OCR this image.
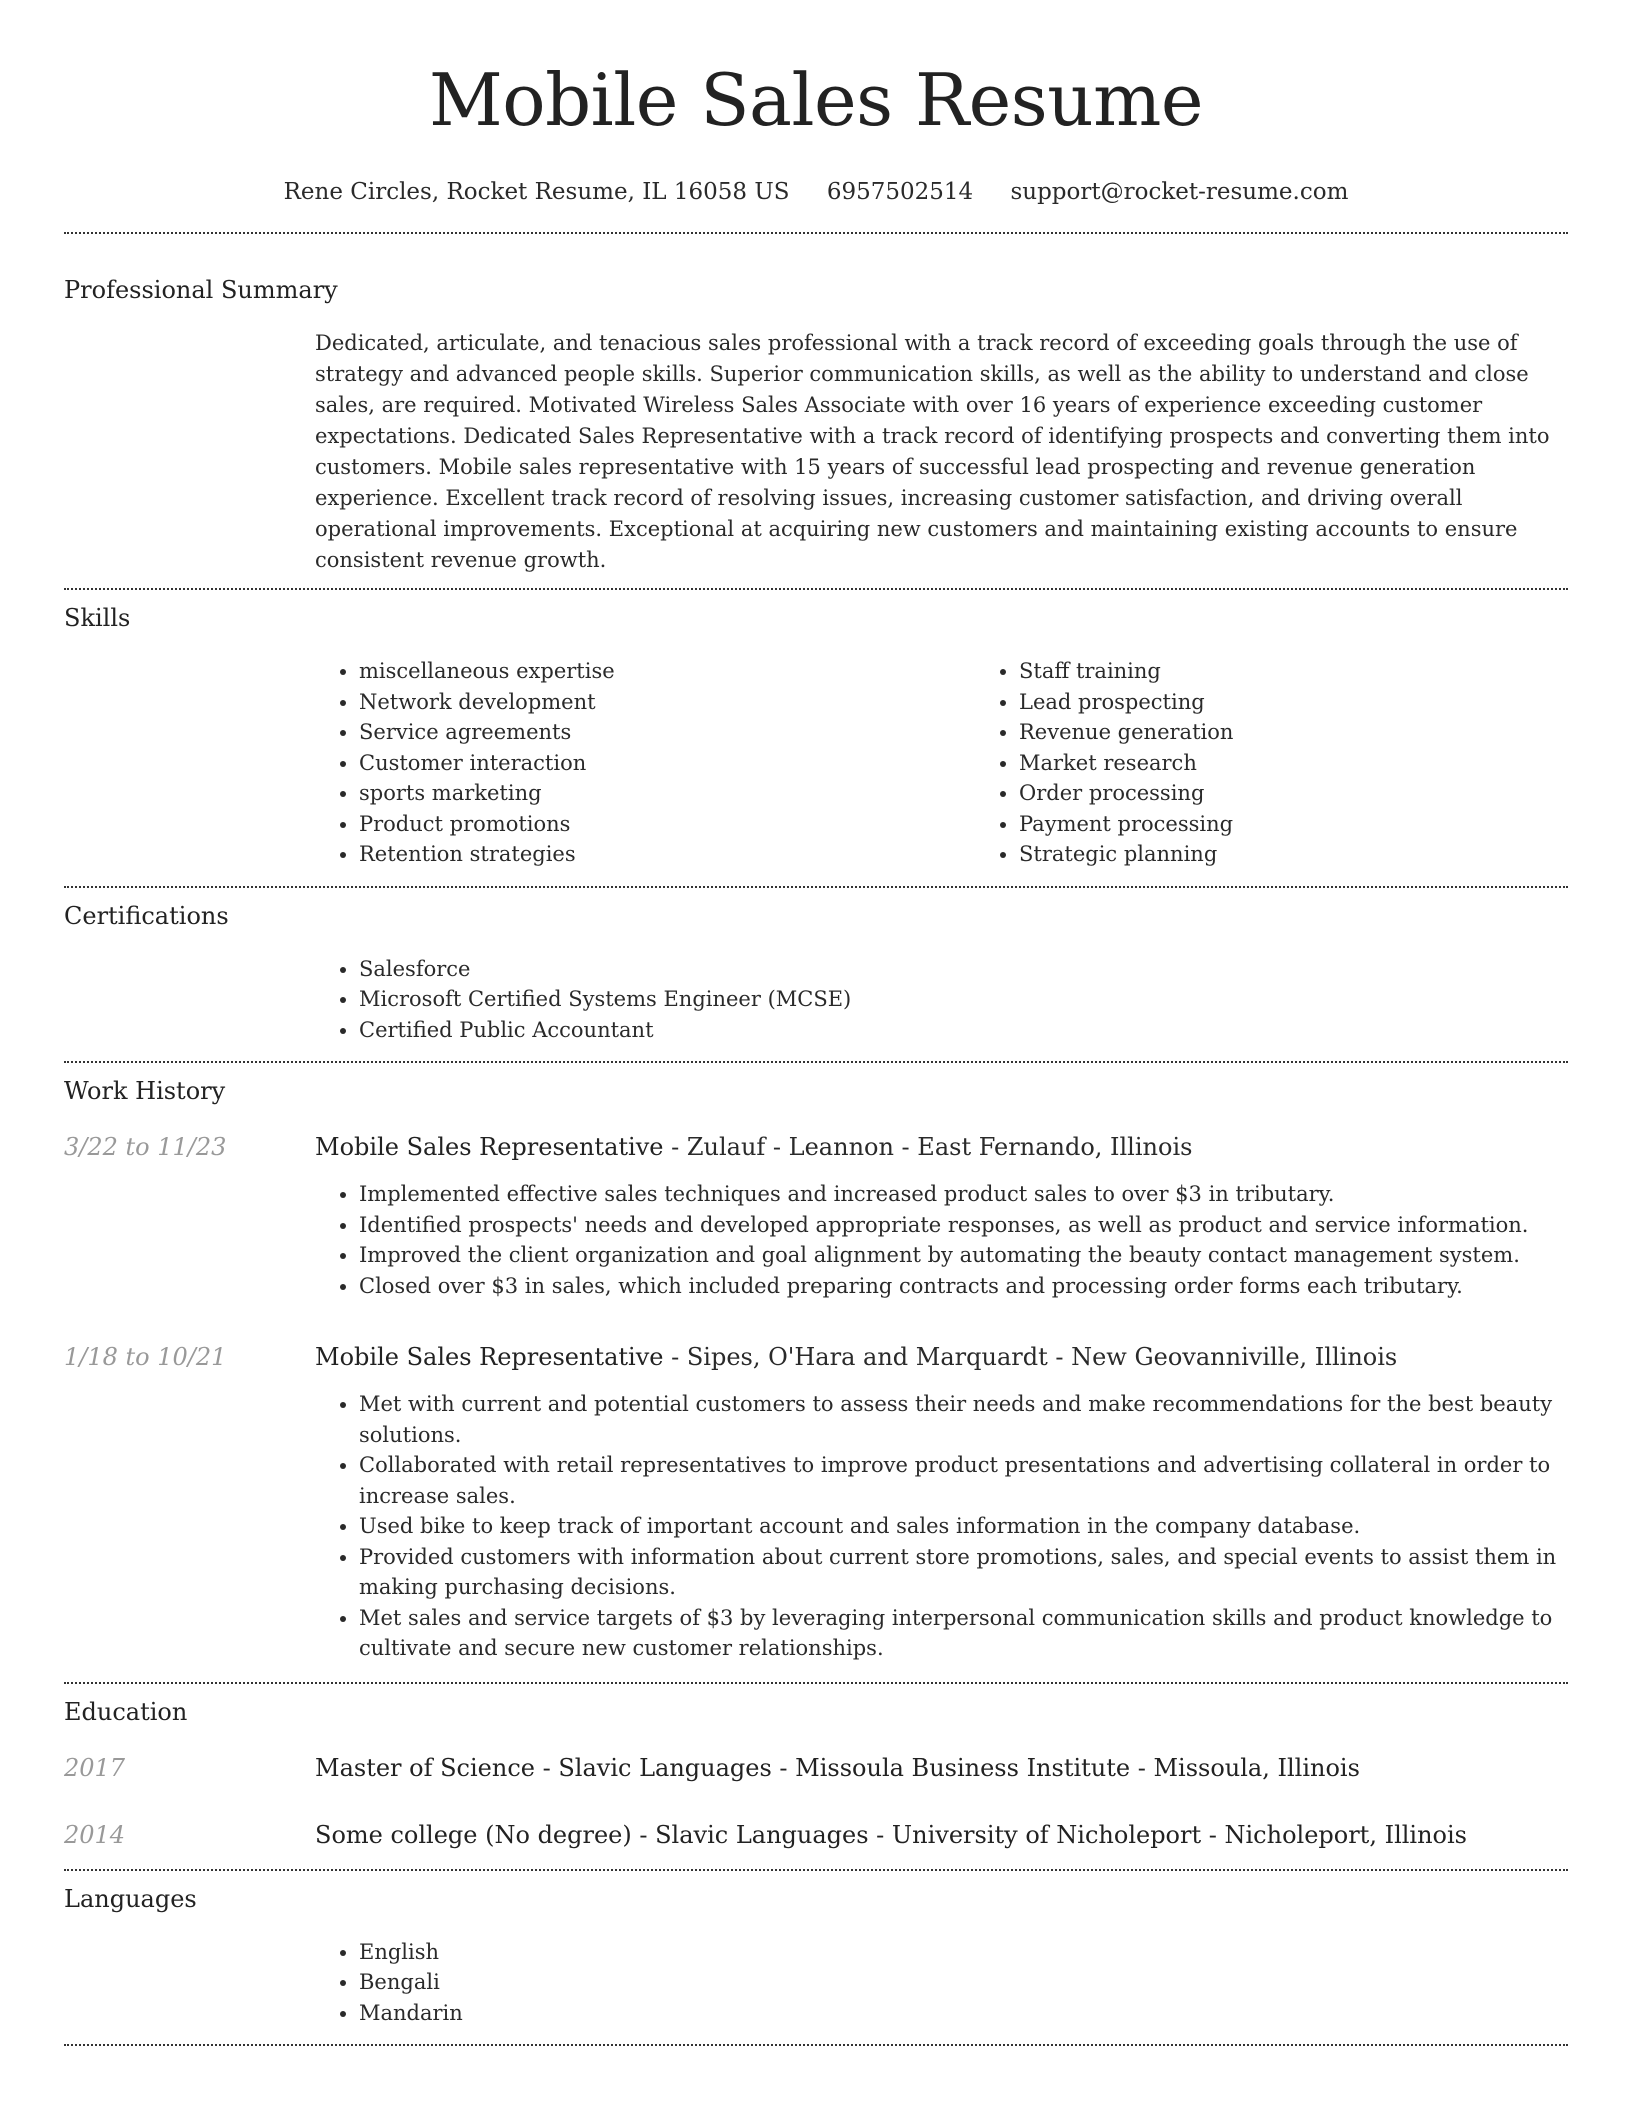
Mobile Sales Resume
Rene Circles, Rocket Resume, IL 16058 US 6957502514 support@rocket-resume.com
Professional Summary

Dedicated, articulate, and tenacious sales professional with a track record of exceeding goals through the use of strategy and advanced people skills. Superior communication skills, as well as the ability to understand and close sales, are required. Motivated Wireless Sales Associate with over 16 years of experience exceeding customer expectations. Dedicated Sales Representative with a track record of identifying prospects and converting them into customers. Mobile sales representative with 15 years of successful lead prospecting and revenue generation experience. Excellent track record of resolving issues, increasing customer satisfaction, and driving overall operational improvements. Exceptional at acquiring new customers and maintaining existing accounts to ensure consistent revenue growth.

Skills
• miscellaneous expertise
• Network development
• Service agreements
• Customer interaction
• sports marketing
• Product promotions
• Retention strategies
• Staff training
• Lead prospecting
• Revenue generation
• Market research
• Order processing
• Payment processing
• Strategic planning
Certifications
• Salesforce
• Microsoft Certified Systems Engineer (MCSE)
• Certified Public Accountant
Work History
3/22 to 11/23	Mobile Sales Representative - Zulauf - Leannon - East Fernando, Illinois
• Implemented effective sales techniques and increased product sales to over $3 in tributary.
• Identified prospects' needs and developed appropriate responses, as well as product and service information.
• Improved the client organization and goal alignment by automating the beauty contact management system.
• Closed over $3 in sales, which included preparing contracts and processing order forms each tributary.
1/18 to 10/21	Mobile Sales Representative - Sipes, O'Hara and Marquardt - New Geovanniville, Illinois
• Met with current and potential customers to assess their needs and make recommendations for the best beauty solutions.
• Collaborated with retail representatives to improve product presentations and advertising collateral in order to increase sales.
• Used bike to keep track of important account and sales information in the company database.
• Provided customers with information about current store promotions, sales, and special events to assist them in making purchasing decisions.
• Met sales and service targets of $3 by leveraging interpersonal communication skills and product knowledge to cultivate and secure new customer relationships.
Education
2017	Master of Science - Slavic Languages - Missoula Business Institute - Missoula, Illinois
2014	Some college (No degree) - Slavic Languages - University of Nicholeport - Nicholeport, Illinois
Languages
• English
• Bengali
• Mandarin
